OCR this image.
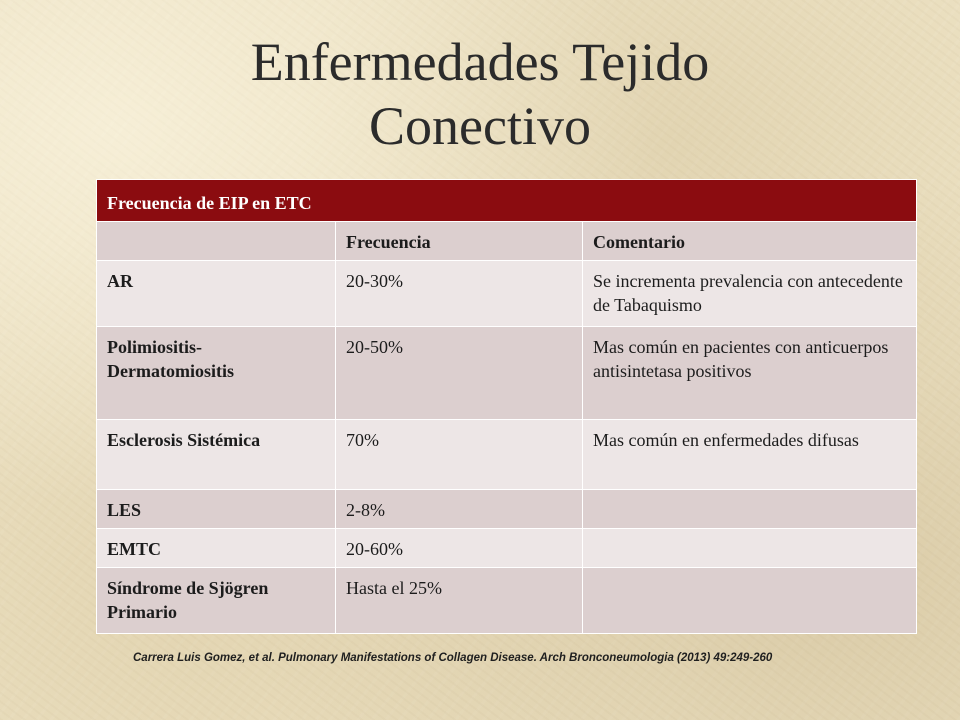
Enfermedades Tejido
Conectivo
Frecuencia de EIP en ETC		
	Frecuencia	Comentario
AR	20-30%	Se incrementa prevalencia con antecedente de Tabaquismo
Polimiositis-Dermatomiositis	20-50%	Mas común en pacientes con anticuerpos antisintetasa positivos
Esclerosis Sistémica	70%	Mas común en enfermedades difusas
LES	2-8%	
EMTC	20-60%	
Síndrome de Sjögren Primario	Hasta el 25%	
Carrera Luis Gomez, et al. Pulmonary Manifestations of Collagen Disease. Arch Bronconeumologia (2013) 49:249-260
